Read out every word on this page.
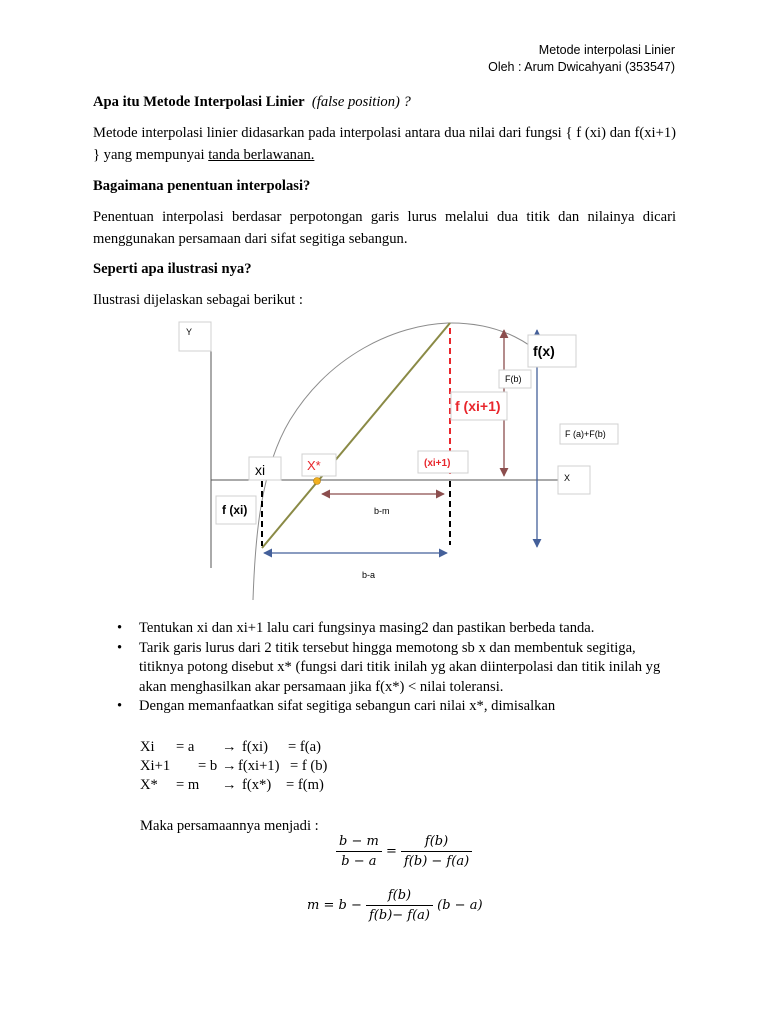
Metode interpolasi Linier
Oleh : Arum Dwicahyani (353547)
Apa itu Metode Interpolasi Linier (false position) ?
Metode interpolasi linier didasarkan pada interpolasi antara dua nilai dari fungsi { f (xi) dan f(xi+1) } yang mempunyai tanda berlawanan.
Bagaimana penentuan interpolasi?
Penentuan interpolasi berdasar perpotongan garis lurus melalui dua titik dan nilainya dicari menggunakan persamaan dari sifat segitiga sebangun.
Seperti apa ilustrasi nya?
Ilustrasi dijelaskan sebagai berikut :
Y
f(x)
F(b)
f (xi+1)
F (a)+F(b)
xi	X*	(xi+1)
X
f (xi)	b-m
b-a
• Tentukan xi dan xi+1 lalu cari fungsinya masing2 dan pastikan berbeda tanda.
• Tarik garis lurus dari 2 titik tersebut hingga memotong sb x dan membentuk segitiga, titiknya potong disebut x* (fungsi dari titik inilah yg akan diinterpolasi dan titik inilah yg akan menghasilkan akar persamaan jika f(x*) < nilai toleransi.
• Dengan memanfaatkan sifat segitiga sebangun cari nilai x*, dimisalkan
Xi = a → f(xi) = f(a)
Xi+1 = b →f(xi+1) = f (b)
X* = m → f(x*) = f(m)
Maka persamaannya menjadi :
$\frac{b - m}{b - a} = \frac{f(b)}{f(b) - f(a)}$
$m = b - \frac{f(b)}{f(b)- f(a)} (b - a)$
